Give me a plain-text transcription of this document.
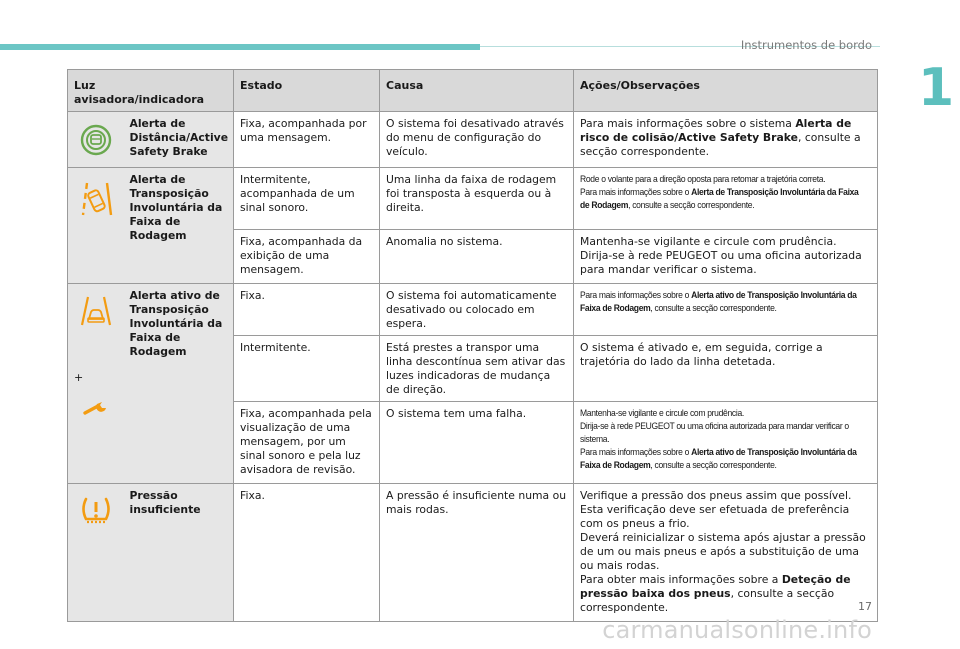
Instrumentos de bordo
1
Luz avisadora/indicadora		Estado	Causa	Ações/Observações

	Alerta de Distância/Active Safety Brake	Fixa, acompanhada por uma mensagem.	O sistema foi desativado através do menu de configuração do veículo.	Para mais informações sobre o sistema Alerta de risco de colisão/Active Safety Brake, consulte a secção correspondente.

	Alerta de Transposição Involuntária da Faixa de Rodagem	Intermitente, acompanhada de um sinal sonoro.	Uma linha da faixa de rodagem foi transposta à esquerda ou à direita.	Rode o volante para a direção oposta para retomar a trajetória correta.
Para mais informações sobre o Alerta de Transposição Involuntária da Faixa de Rodagem, consulte a secção correspondente.

		Fixa, acompanhada da exibição de uma mensagem.	Anomalia no sistema.	Mantenha-se vigilante e circule com prudência.
Dirija-se à rede PEUGEOT ou uma oficina autorizada para mandar verificar o sistema.

+	Alerta ativo de Transposição Involuntária da Faixa de Rodagem	Fixa.	O sistema foi automaticamente desativado ou colocado em espera.	Para mais informações sobre o Alerta ativo de Transposição Involuntária da Faixa de Rodagem, consulte a secção correspondente.

		Intermitente.	Está prestes a transpor uma linha descontínua sem ativar das luzes indicadoras de mudança de direção.	O sistema é ativado e, em seguida, corrige a trajetória do lado da linha detetada.
		Fixa, acompanhada pela visualização de uma mensagem, por um sinal sonoro e pela luz avisadora de revisão.	O sistema tem uma falha.	Mantenha-se vigilante e circule com prudência.
Dirija-se à rede PEUGEOT ou uma oficina autorizada para mandar verificar o sistema.
Para mais informações sobre o Alerta ativo de Transposição Involuntária da Faixa de Rodagem, consulte a secção correspondente.

	Pressão insuficiente	Fixa.	A pressão é insuficiente numa ou mais rodas.	Verifique a pressão dos pneus assim que possível.
Esta verificação deve ser efetuada de preferência com os pneus a frio.
Deverá reinicializar o sistema após ajustar a pressão de um ou mais pneus e após a substituição de uma ou mais rodas.
Para obter mais informações sobre a Deteção de pressão baixa dos pneus, consulte a secção correspondente.	17
carmanualsonline.info
